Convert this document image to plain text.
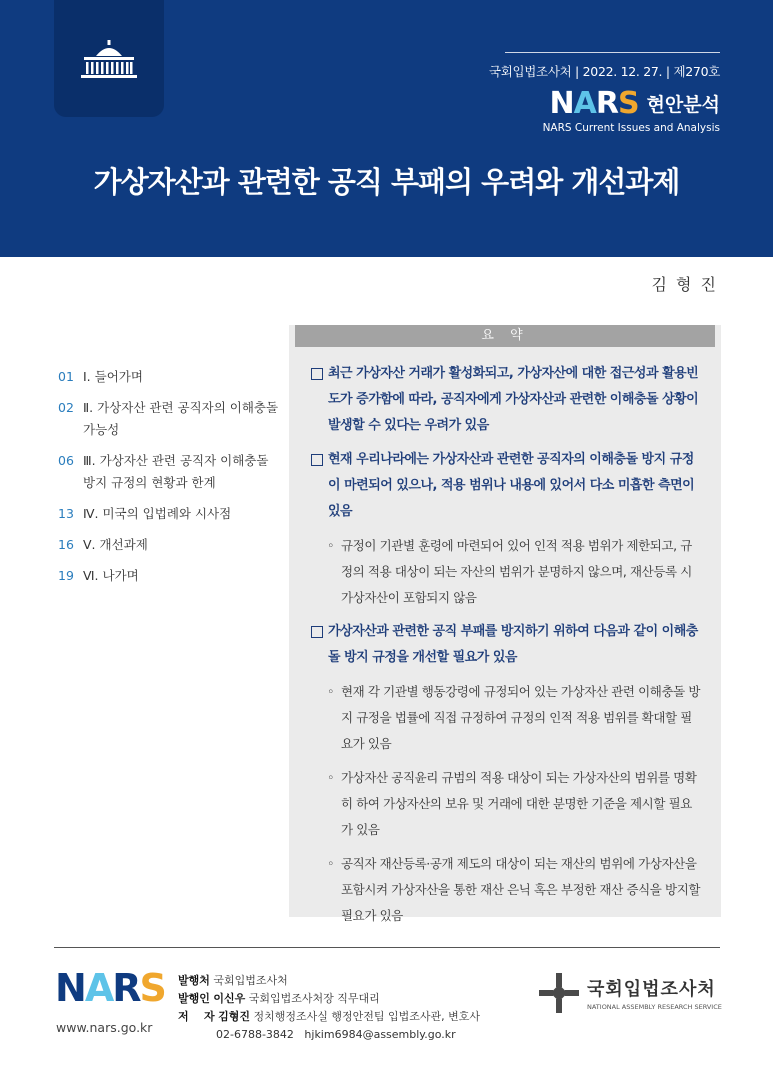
국회입법조사처 | 2022. 12. 27. | 제270호
NARS 현안분석
NARS Current Issues and Analysis
가상자산과 관련한 공직 부패의 우려와 개선과제
김 형 진
01 Ⅰ. 들어가며
02 Ⅱ. 가상자산 관련 공직자의 이해충돌 가능성
06 Ⅲ. 가상자산 관련 공직자 이해충돌 방지 규정의 현황과 한계
13 Ⅳ. 미국의 입법례와 시사점
16 Ⅴ. 개선과제
19 Ⅵ. 나가며
요 약
최근 가상자산 거래가 활성화되고, 가상자산에 대한 접근성과 활용빈도가 증가함에 따라, 공직자에게 가상자산과 관련한 이해충돌 상황이 발생할 수 있다는 우려가 있음
현재 우리나라에는 가상자산과 관련한 공직자의 이해충돌 방지 규정이 마련되어 있으나, 적용 범위나 내용에 있어서 다소 미흡한 측면이 있음
◦ 규정이 기관별 훈령에 마련되어 있어 인적 적용 범위가 제한되고, 규정의 적용 대상이 되는 자산의 범위가 분명하지 않으며, 재산등록 시 가상자산이 포함되지 않음
가상자산과 관련한 공직 부패를 방지하기 위하여 다음과 같이 이해충돌 방지 규정을 개선할 필요가 있음
◦ 현재 각 기관별 행동강령에 규정되어 있는 가상자산 관련 이해충돌 방지 규정을 법률에 직접 규정하여 규정의 인적 적용 범위를 확대할 필요가 있음
◦ 가상자산 공직윤리 규범의 적용 대상이 되는 가상자산의 범위를 명확히 하여 가상자산의 보유 및 거래에 대한 분명한 기준을 제시할 필요가 있음
◦ 공직자 재산등록·공개 제도의 대상이 되는 재산의 범위에 가상자산을 포함시켜 가상자산을 통한 재산 은닉 혹은 부정한 재산 증식을 방지할 필요가 있음
NARS
www.nars.go.kr
발행처 국회입법조사처
발행인 이신우 국회입법조사처장 직무대리
저    자 김형진 정치행정조사실 행정안전팀 입법조사관, 변호사
02-6788-3842   hjkim6984@assembly.go.kr
국회입법조사처
NATIONAL ASSEMBLY RESEARCH SERVICE
